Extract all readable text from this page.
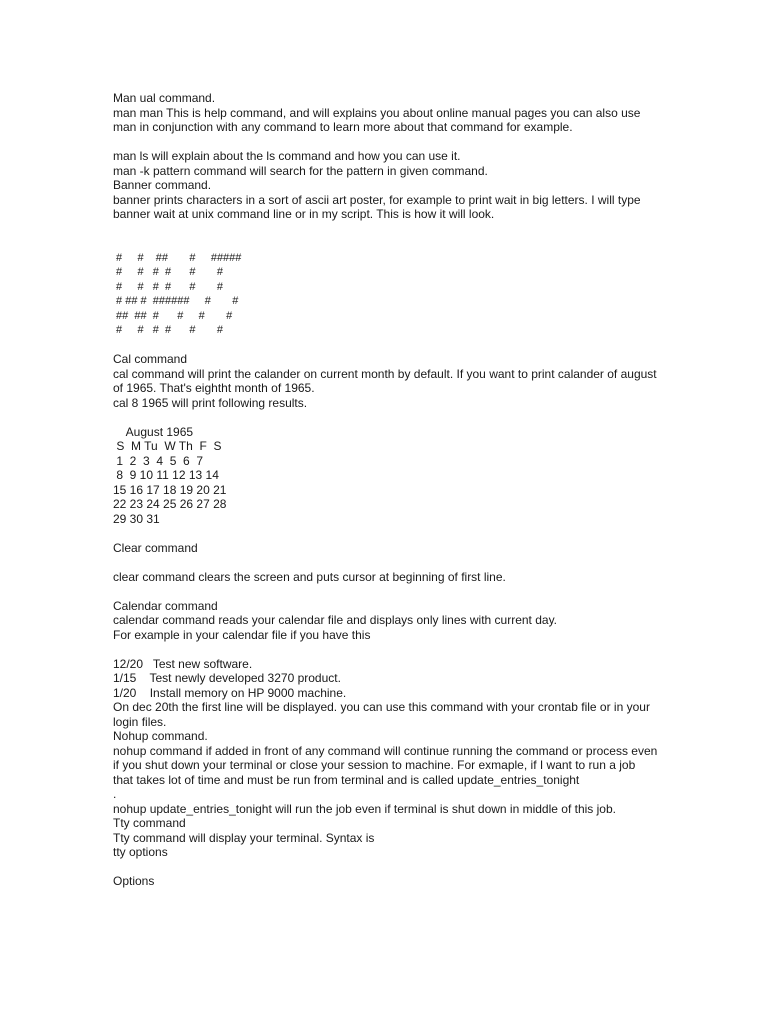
Man ual command.
man man This is help command, and will explains you about online manual pages you can also use man in conjunction with any command to learn more about that command for example.
man ls will explain about the ls command and how you can use it.
man -k pattern command will search for the pattern in given command.
Banner command.
banner prints characters in a sort of ascii art poster, for example to print wait in big letters. I will type
banner wait at unix command line or in my script. This is how it will look.
#     #    ##       #     #####
#     #   #  #      #       #
#     #   #  #      #       #
# ## #  ######     #       #
##  ##  #      #     #       #
#     #   #  #      #       #
Cal command
cal command will print the calander on current month by default. If you want to print calander of august of 1965. That's eightht month of 1965.
cal 8 1965 will print following results.
August 1965
S  M Tu  W Th  F  S
1  2  3  4  5  6  7
8  9 10 11 12 13 14
15 16 17 18 19 20 21
22 23 24 25 26 27 28
29 30 31
Clear command
clear command clears the screen and puts cursor at beginning of first line.
Calendar command
calendar command reads your calendar file and displays only lines with current day.
For example in your calendar file if you have this
12/20   Test new software.
1/15    Test newly developed 3270 product.
1/20    Install memory on HP 9000 machine.
On dec 20th the first line will be displayed. you can use this command with your crontab file or in your login files.
Nohup command.
nohup command if added in front of any command will continue running the command or process even if you shut down your terminal or close your session to machine. For exmaple, if I want to run a job that takes lot of time and must be run from terminal and is called update_entries_tonight
.
nohup update_entries_tonight will run the job even if terminal is shut down in middle of this job.
Tty command
Tty command will display your terminal. Syntax is
tty options
Options
